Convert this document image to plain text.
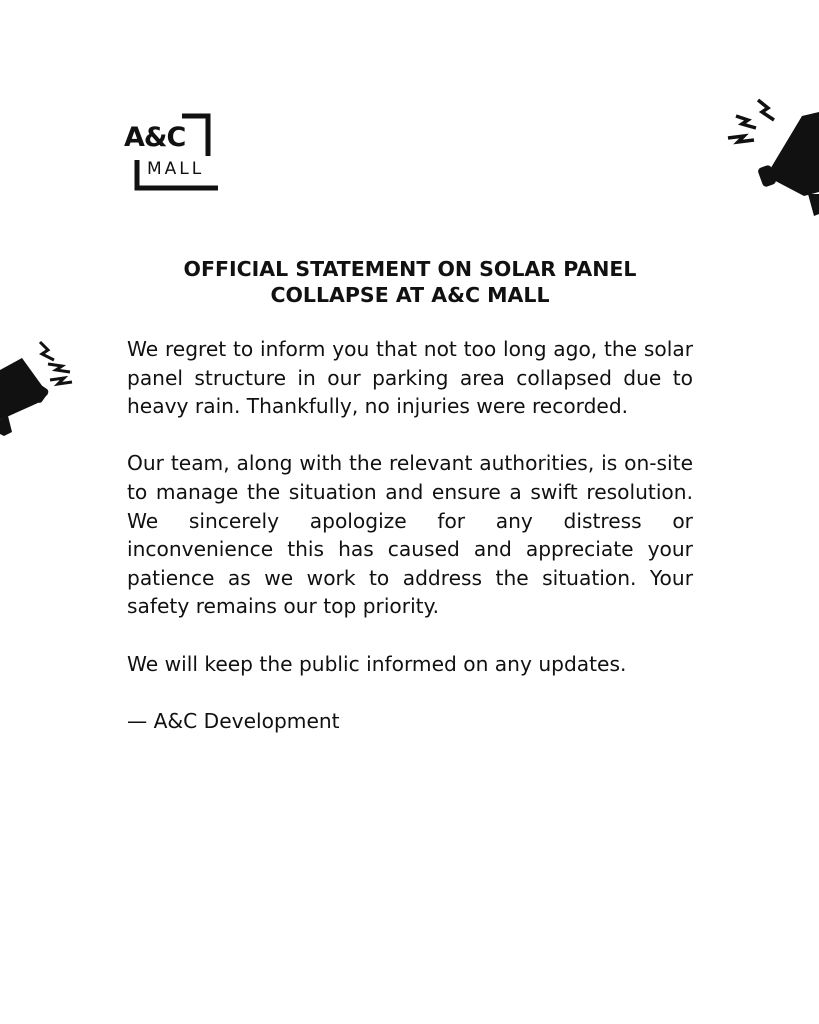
A&C
MALL
OFFICIAL STATEMENT ON SOLAR PANEL
COLLAPSE AT A&C MALL

We regret to inform you that not too long ago, the solar panel structure in our parking area collapsed due to heavy rain. Thankfully, no injuries were recorded.

Our team, along with the relevant authorities, is on-site to manage the situation and ensure a swift resolution. We sincerely apologize for any distress or inconvenience this has caused and appreciate your patience as we work to address the situation. Your safety remains our top priority.

We will keep the public informed on any updates.

— A&C Development
